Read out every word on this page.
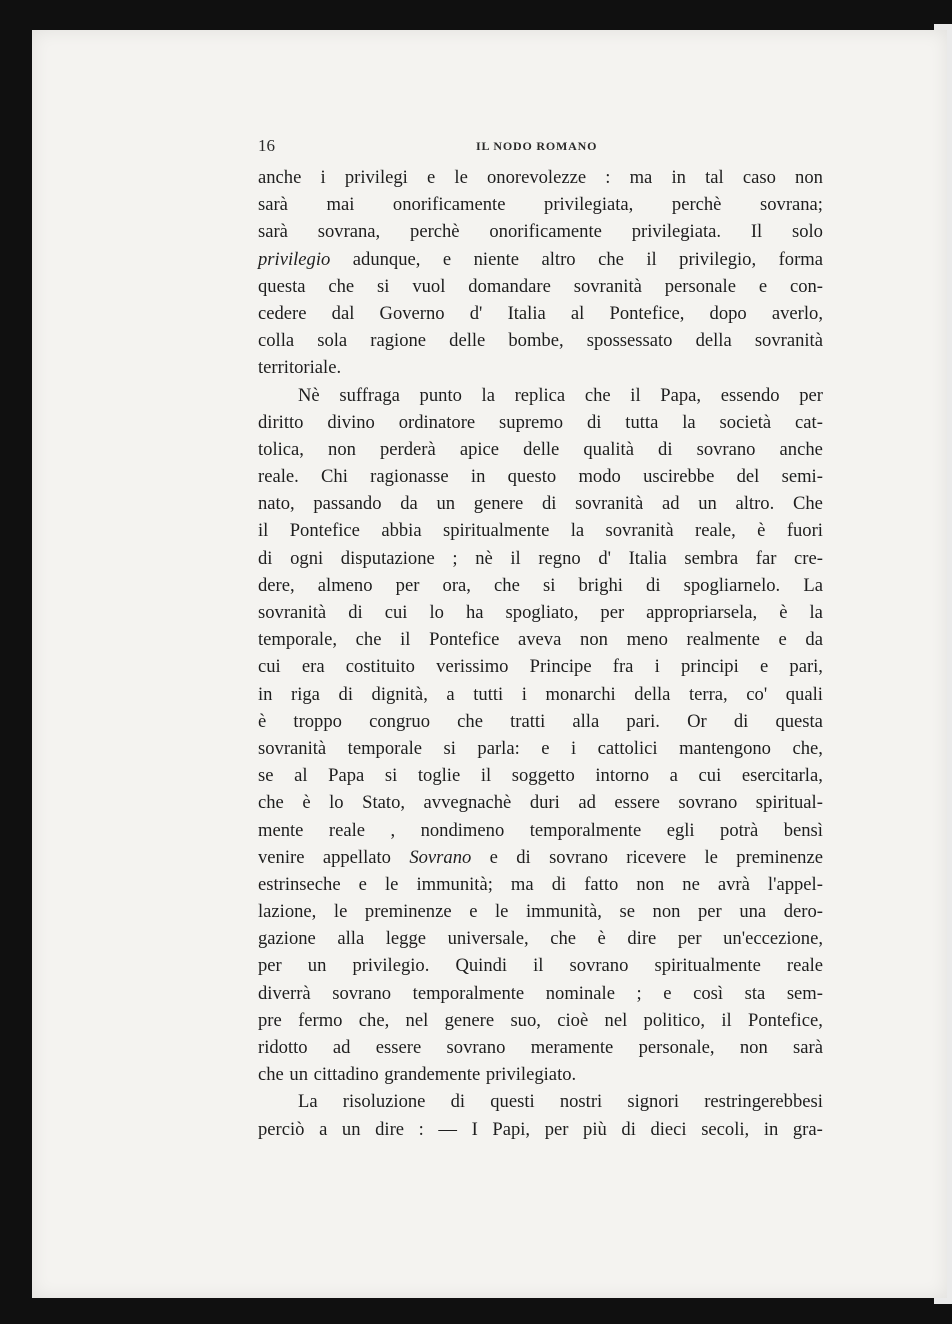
16	IL NODO ROMANO
anche i privilegi e le onorevolezze : ma in tal caso non
sarà mai onorificamente privilegiata, perchè sovrana;
sarà sovrana, perchè onorificamente privilegiata. Il solo
privilegio adunque, e niente altro che il privilegio, forma
questa che si vuol domandare sovranità personale e con-
cedere dal Governo d' Italia al Pontefice, dopo averlo,
colla sola ragione delle bombe, spossessato della sovranità
territoriale.
Nè suffraga punto la replica che il Papa, essendo per
diritto divino ordinatore supremo di tutta la società cat-
tolica, non perderà apice delle qualità di sovrano anche
reale. Chi ragionasse in questo modo uscirebbe del semi-
nato, passando da un genere di sovranità ad un altro. Che
il Pontefice abbia spiritualmente la sovranità reale, è fuori
di ogni disputazione ; nè il regno d' Italia sembra far cre-
dere, almeno per ora, che si brighi di spogliarnelo. La
sovranità di cui lo ha spogliato, per appropriarsela, è la
temporale, che il Pontefice aveva non meno realmente e da
cui era costituito verissimo Principe fra i principi e pari,
in riga di dignità, a tutti i monarchi della terra, co' quali
è troppo congruo che tratti alla pari. Or di questa
sovranità temporale si parla: e i cattolici mantengono che,
se al Papa si toglie il soggetto intorno a cui esercitarla,
che è lo Stato, avvegnachè duri ad essere sovrano spiritual-
mente reale , nondimeno temporalmente egli potrà bensì
venire appellato Sovrano e di sovrano ricevere le preminenze
estrinseche e le immunità; ma di fatto non ne avrà l'appel-
lazione, le preminenze e le immunità, se non per una dero-
gazione alla legge universale, che è dire per un'eccezione,
per un privilegio. Quindi il sovrano spiritualmente reale
diverrà sovrano temporalmente nominale ; e così sta sem-
pre fermo che, nel genere suo, cioè nel politico, il Pontefice,
ridotto ad essere sovrano meramente personale, non sarà
che un cittadino grandemente privilegiato.
La risoluzione di questi nostri signori restringerebbesi
perciò a un dire : — I Papi, per più di dieci secoli, in gra-
